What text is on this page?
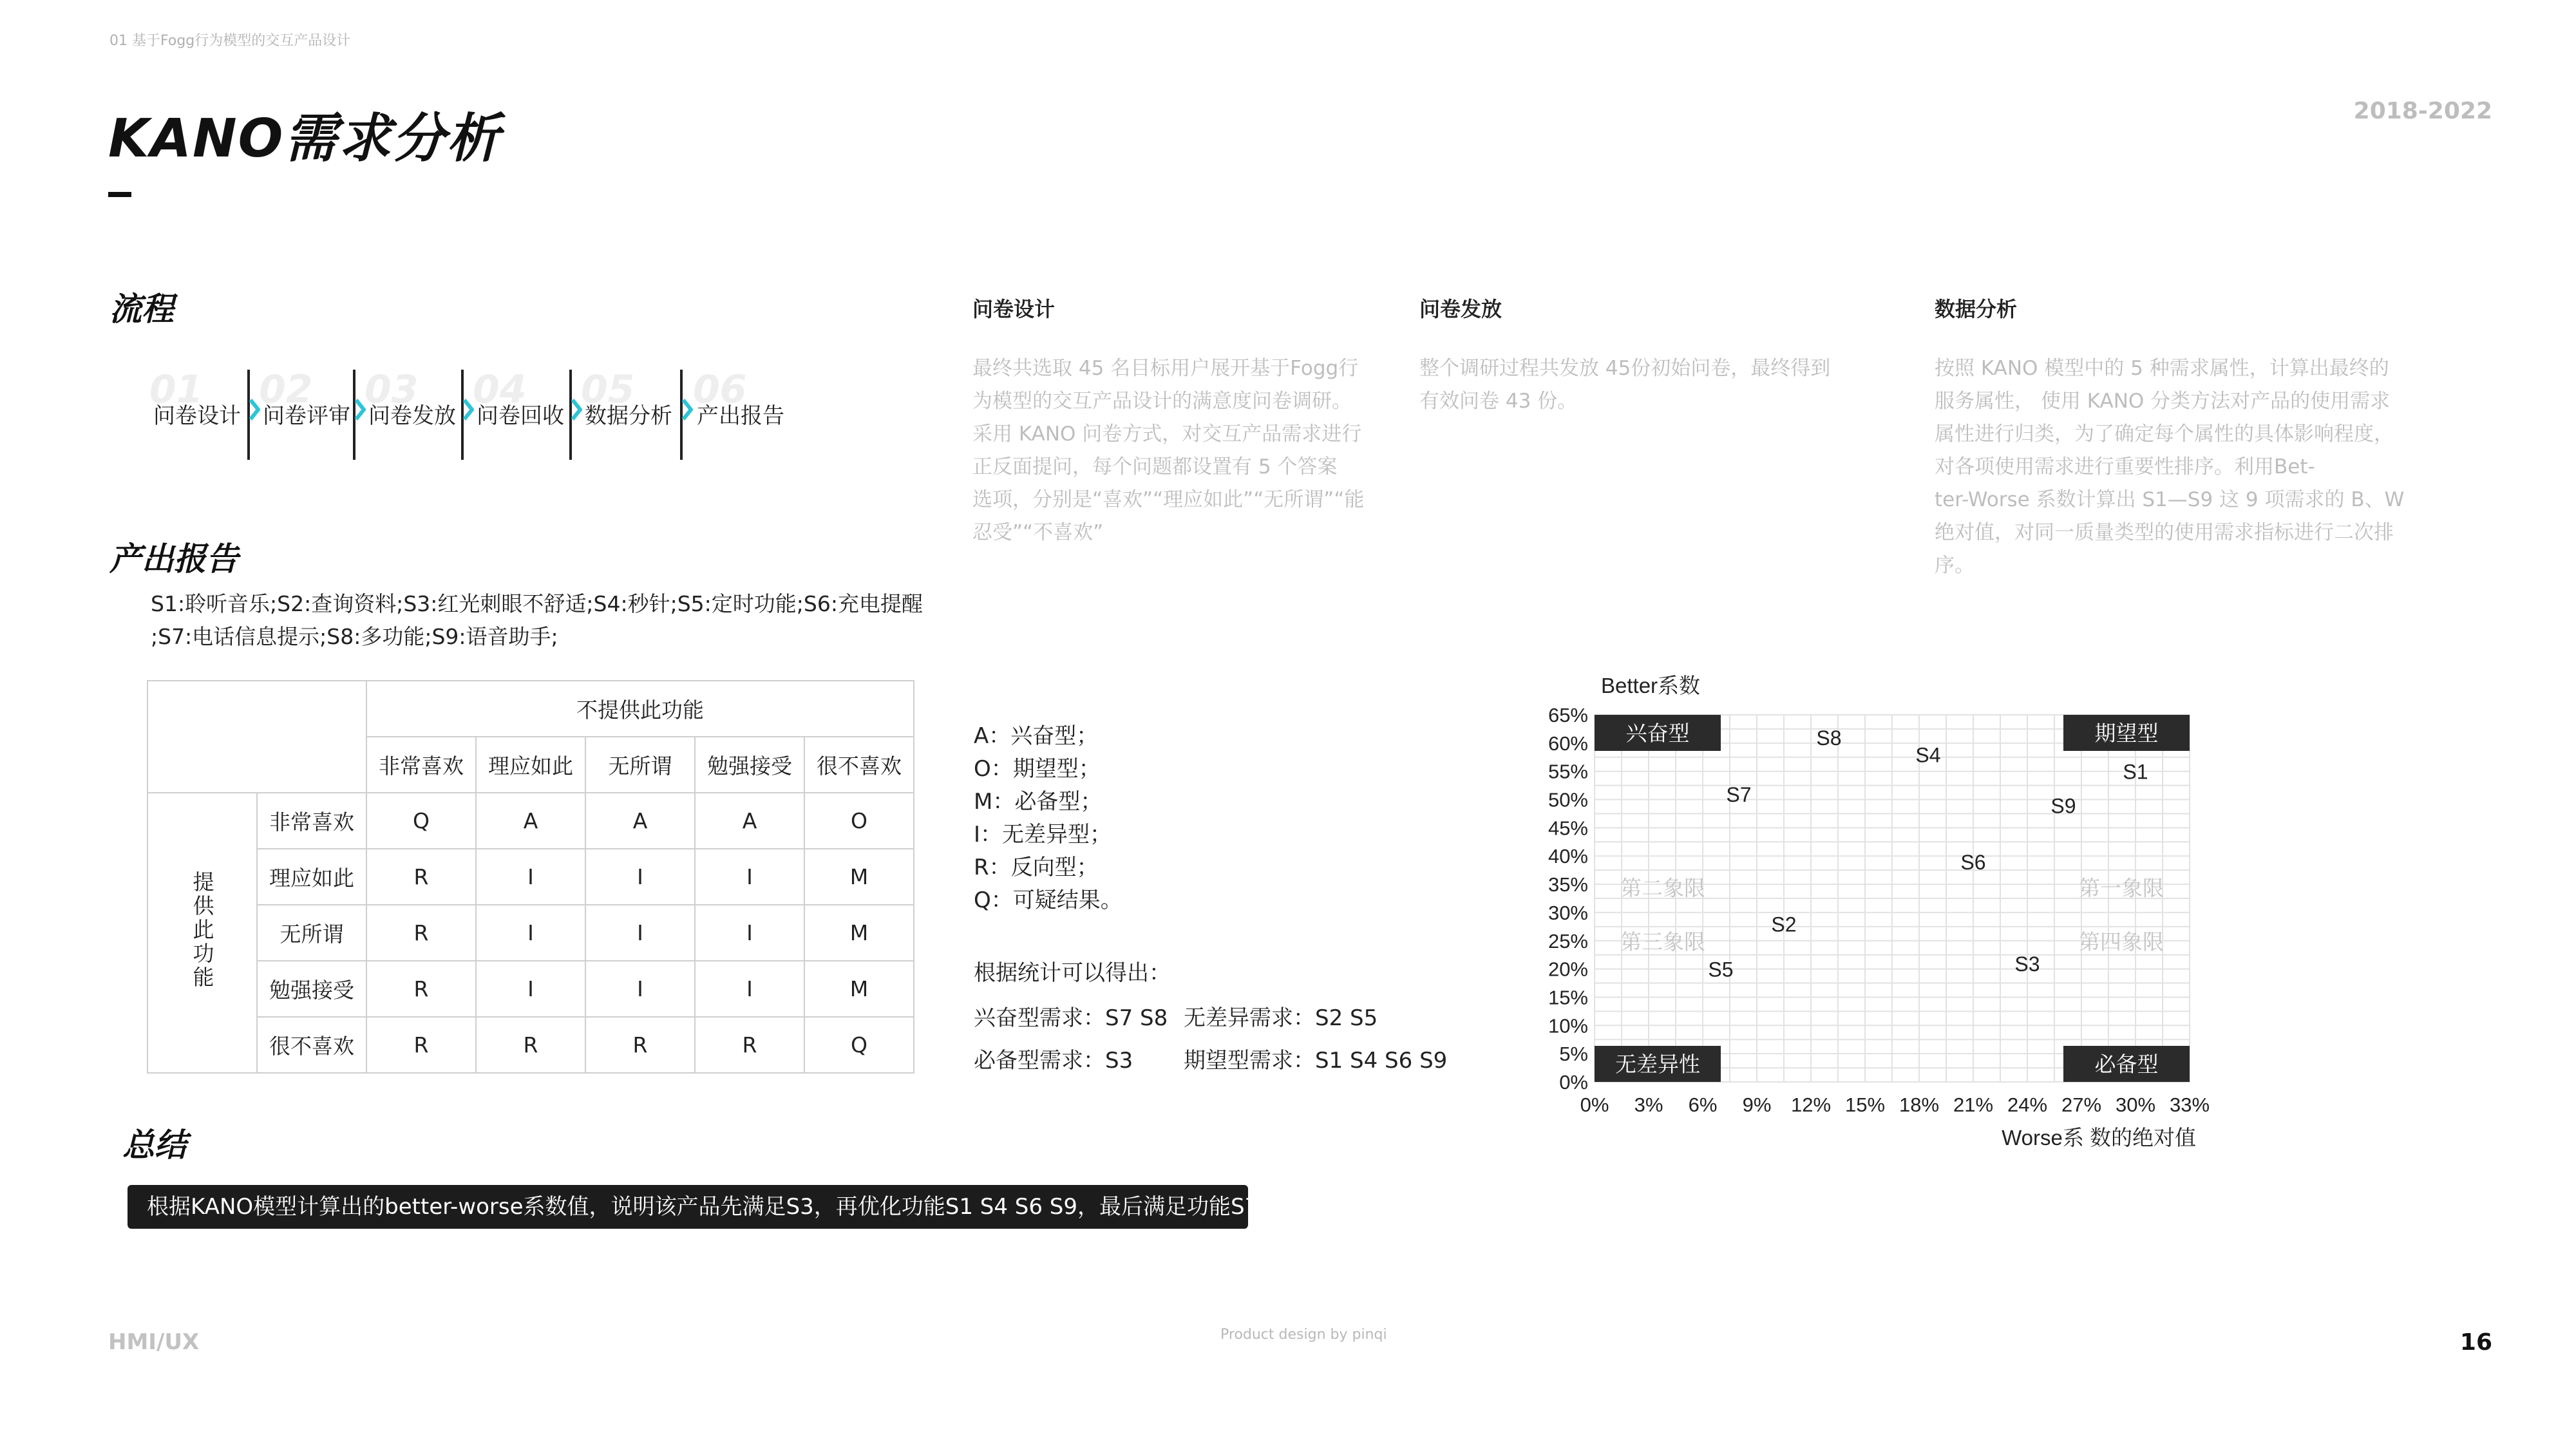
01 基于Fogg行为模型的交互产品设计
KANO需求分析	2018-2022
流程
01
问卷设计
02
问卷评审
03
问卷发放
04
问卷回收
05
数据分析
06
产出报告
问卷设计
最终共选取 45 名目标用户展开基于Fogg行
为模型的交互产品设计的满意度问卷调研。
采用 KANO 问卷方式，对交互产品需求进行
正反面提问，每个问题都设置有 5 个答案
选项，分别是“喜欢”“理应如此”“无所谓”“能
忍受”“不喜欢”
问卷发放
整个调研过程共发放 45份初始问卷，最终得到
有效问卷 43 份。
数据分析
按照 KANO 模型中的 5 种需求属性，计算出最终的
服务属性， 使用 KANO 分类方法对产品的使用需求
属性进行归类，为了确定每个属性的具体影响程度，
对各项使用需求进行重要性排序。利用Bet-
ter-Worse 系数计算出 S1—S9 这 9 项需求的 B、W
绝对值，对同一质量类型的使用需求指标进行二次排
序。
产出报告
S1:聆听音乐;S2:查询资料;S3:红光刺眼不舒适;S4:秒针;S5:定时功能;S6:充电提醒
;S7:电话信息提示;S8:多功能;S9:语音助手;
		不提供此功能				
		非常喜欢	理应如此	无所谓	勉强接受	很不喜欢
提供此功能	非常喜欢	Q	A	A	A	O
	理应如此	R	I	I	I	M
	无所谓	R	I	I	I	M
	勉强接受	R	I	I	I	M
	很不喜欢	R	R	R	R	Q
A：兴奋型；
O：期望型；
M：必备型；
I：无差异型；
R：反向型；
Q：可疑结果。
根据统计可以得出：
兴奋型需求：S7 S8 无差异需求：S2 S5
必备型需求：S3 期望型需求：S1 S4 S6 S9
0% 3% 6% 9% 12% 15% 18% 21% 24% 27% 30% 33%
0%
5%
10%
15%
20%
25%
30%
35%
40%
45%
50%
55%
60%
65%
Better系数
Worse系 数的绝对值
兴奋型	期望型
无差异性	必备型
第二象限	第一象限
第三象限	第四象限
S1
S2
S3
S4
S5
S6
S7
S8
S9
总结
根据KANO模型计算出的better-worse系数值，说明该产品先满足S3，再优化功能S1 S4 S6 S9，最后满足功能S7 S8。
HMI/UX	Product design by pinqi	16
